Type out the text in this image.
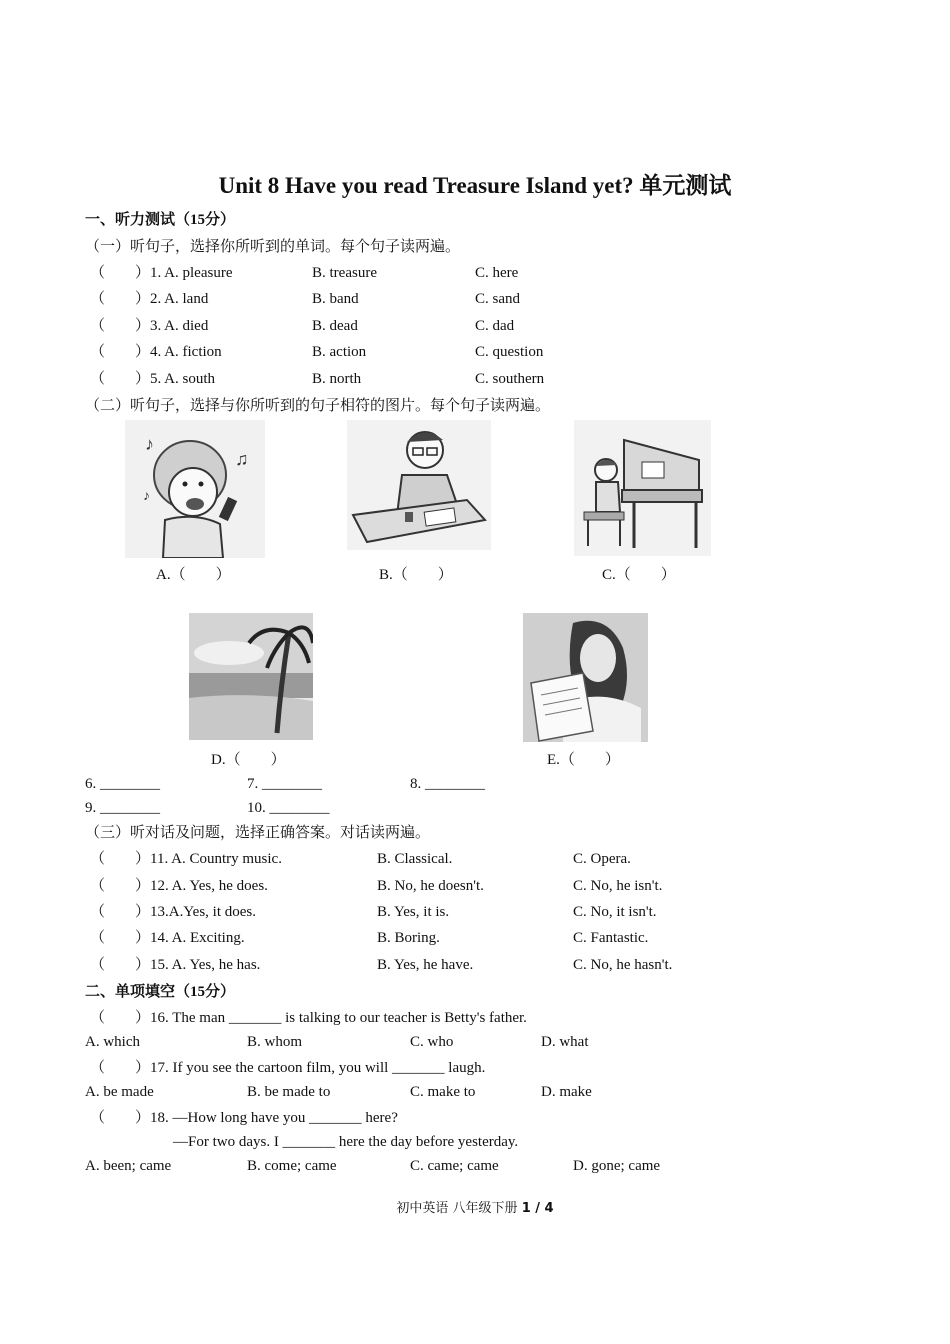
Unit 8 Have you read Treasure Island yet? 单元测试
一、听力测试（15分）
（一）听句子，选择你所听到的单词。每个句子读两遍。
（　　） 1. A. pleasure	B. treasure	C. here
（　　） 2. A. land	B. band	C. sand
（　　） 3. A. died	B. dead	C. dad
（　　） 4. A. fiction	B. action	C. question
（　　） 5. A. south	B. north	C. southern
（二）听句子，选择与你所听到的句子相符的图片。每个句子读两遍。
♪
♫
♪
A.（　　）	B.（　　）	C.（　　）
D.（　　）	E.（　　）
6. ________	7. ________	8. ________
9. ________	10. ________
（三）听对话及问题，选择正确答案。对话读两遍。
（　　） 11. A. Country music.	B. Classical.	C. Opera.
（　　） 12. A. Yes, he does.	B. No, he doesn't.	C. No, he isn't.
（　　） 13.A.Yes, it does.	B. Yes, it is.	C. No, it isn't.
（　　） 14. A. Exciting.	B. Boring.	C. Fantastic.
（　　） 15. A. Yes, he has.	B. Yes, he have.	C. No, he hasn't.
二、单项填空（15分）
（　　） 16. The man _______ is talking to our teacher is Betty's father.
A. which	B. whom	C. who	D. what
（　　） 17. If you see the cartoon film, you will _______ laugh.
A. be made	B. be made to	C. make to	D. make
（　　） 18. —How long have you _______ here?
—For two days. I _______ here the day before yesterday.
A. been; came	B. come; came	C. came; came	D. gone; came
初中英语 八年级下册 1 / 4
